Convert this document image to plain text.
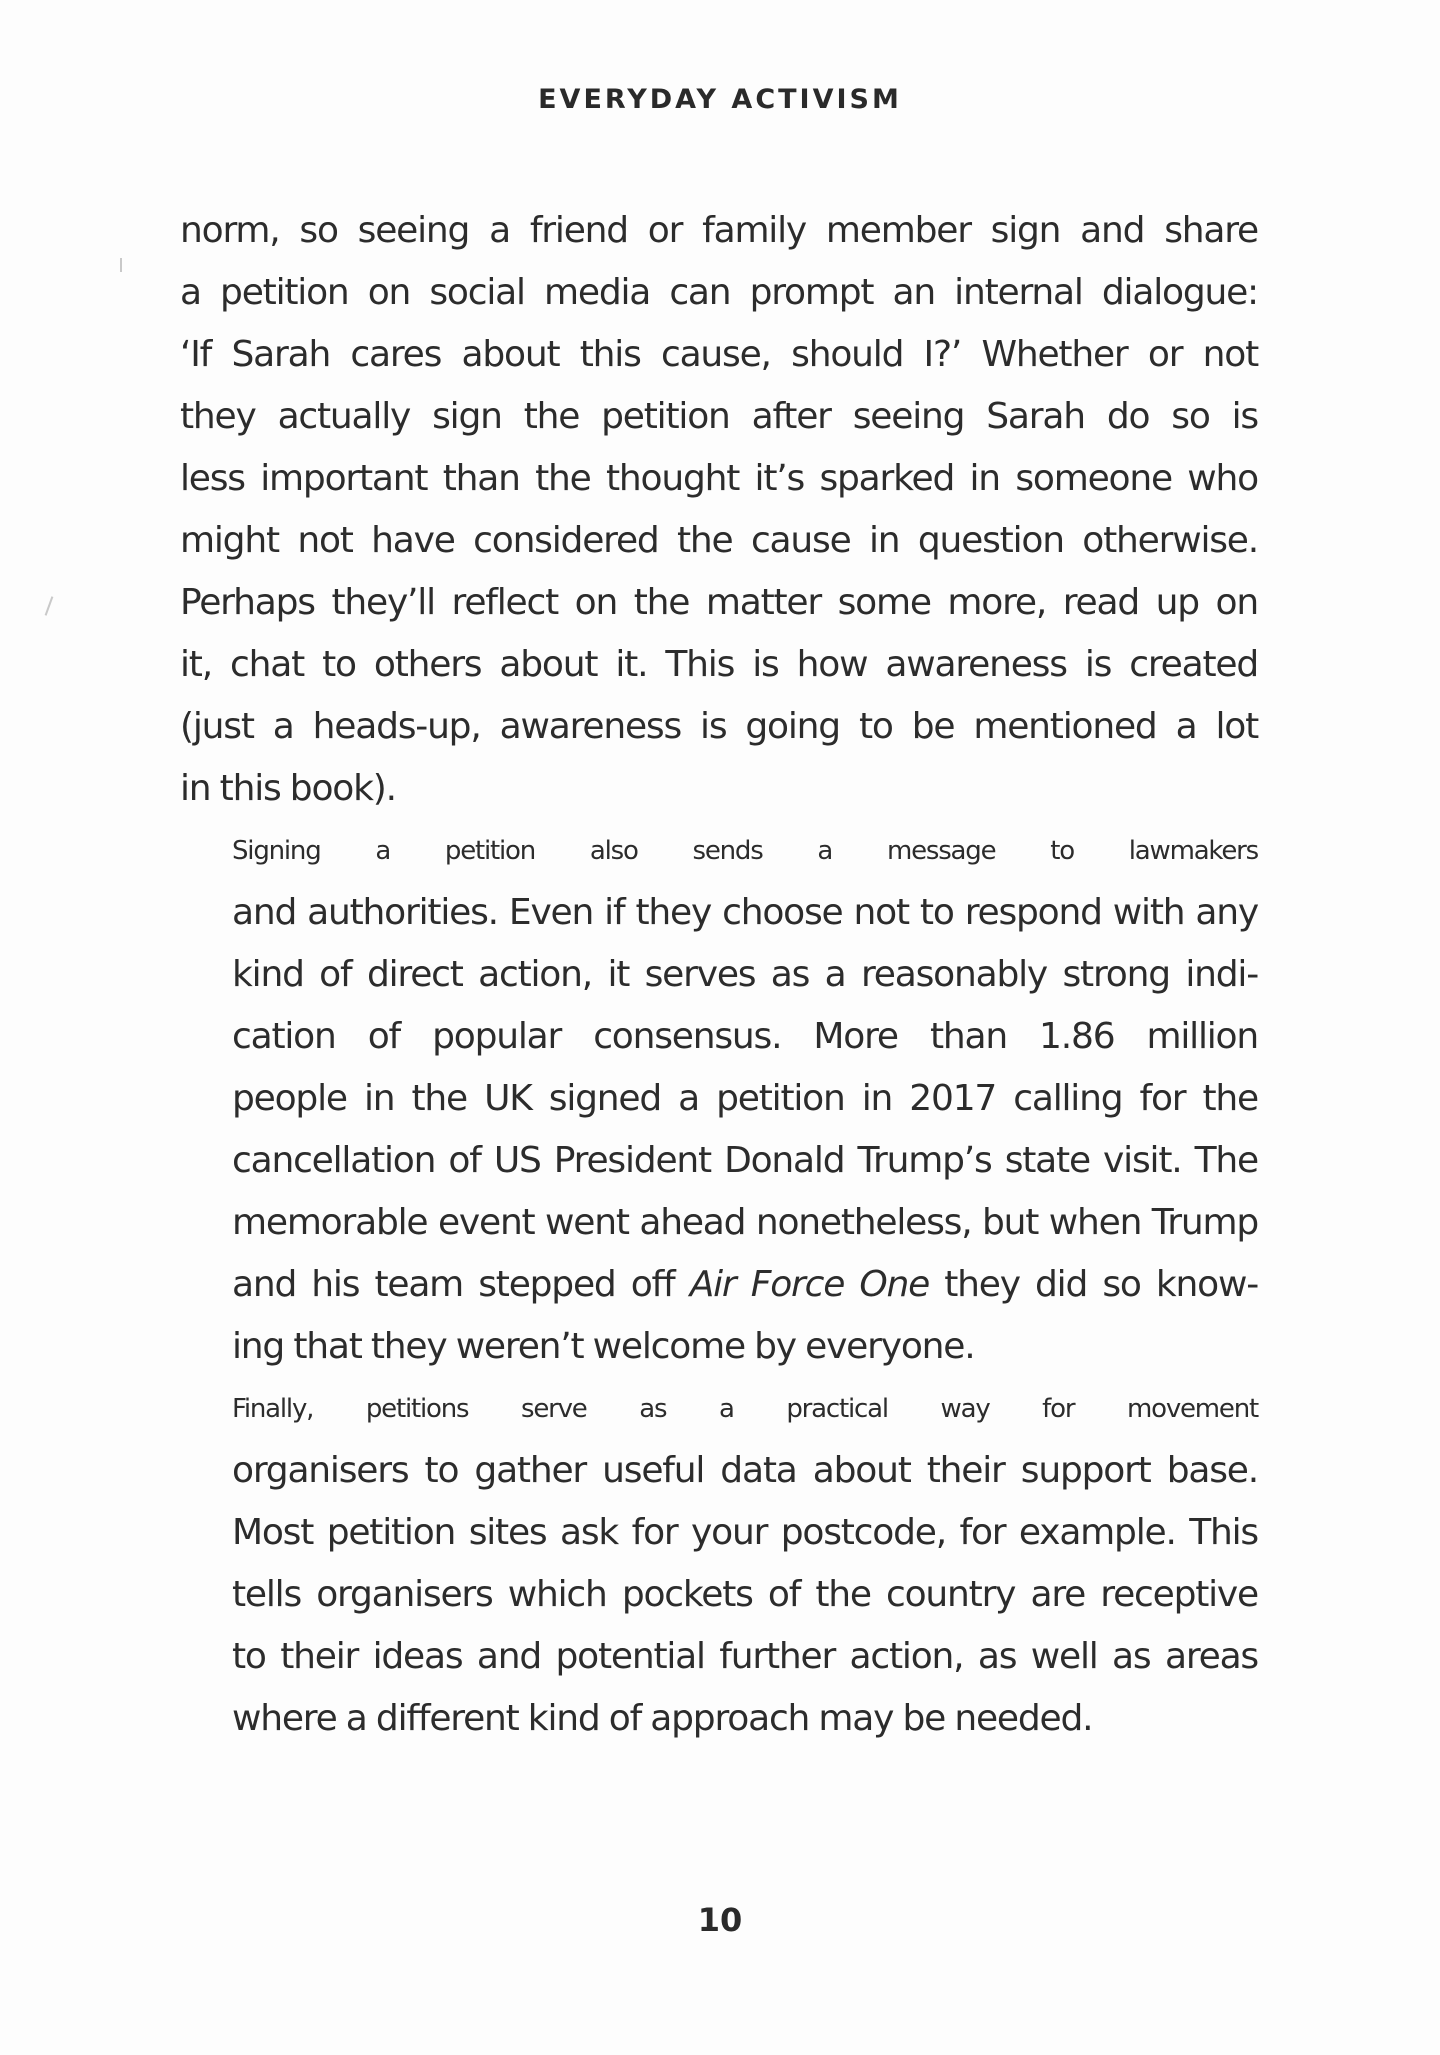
EVERYDAY ACTIVISM

norm, so seeing a friend or family member sign and share
a petition on social media can prompt an internal dialogue:
‘If Sarah cares about this cause, should I?’ Whether or not
they actually sign the petition after seeing Sarah do so is
less important than the thought it’s sparked in someone who
might not have considered the cause in question otherwise.
Perhaps they’ll reflect on the matter some more, read up on
it, chat to others about it. This is how awareness is created
(just a heads-up, awareness is going to be mentioned a lot
in this book).

Signing a petition also sends a message to lawmakers
and authorities. Even if they choose not to respond with any
kind of direct action, it serves as a reasonably strong indi-
cation of popular consensus. More than 1.86 million
people in the UK signed a petition in 2017 calling for the
cancellation of US President Donald Trump’s state visit. The
memorable event went ahead nonetheless, but when Trump
and his team stepped off Air Force One they did so know-
ing that they weren’t welcome by everyone.

Finally, petitions serve as a practical way for movement
organisers to gather useful data about their support base.
Most petition sites ask for your postcode, for example. This
tells organisers which pockets of the country are receptive
to their ideas and potential further action, as well as areas
where a different kind of approach may be needed.

10
